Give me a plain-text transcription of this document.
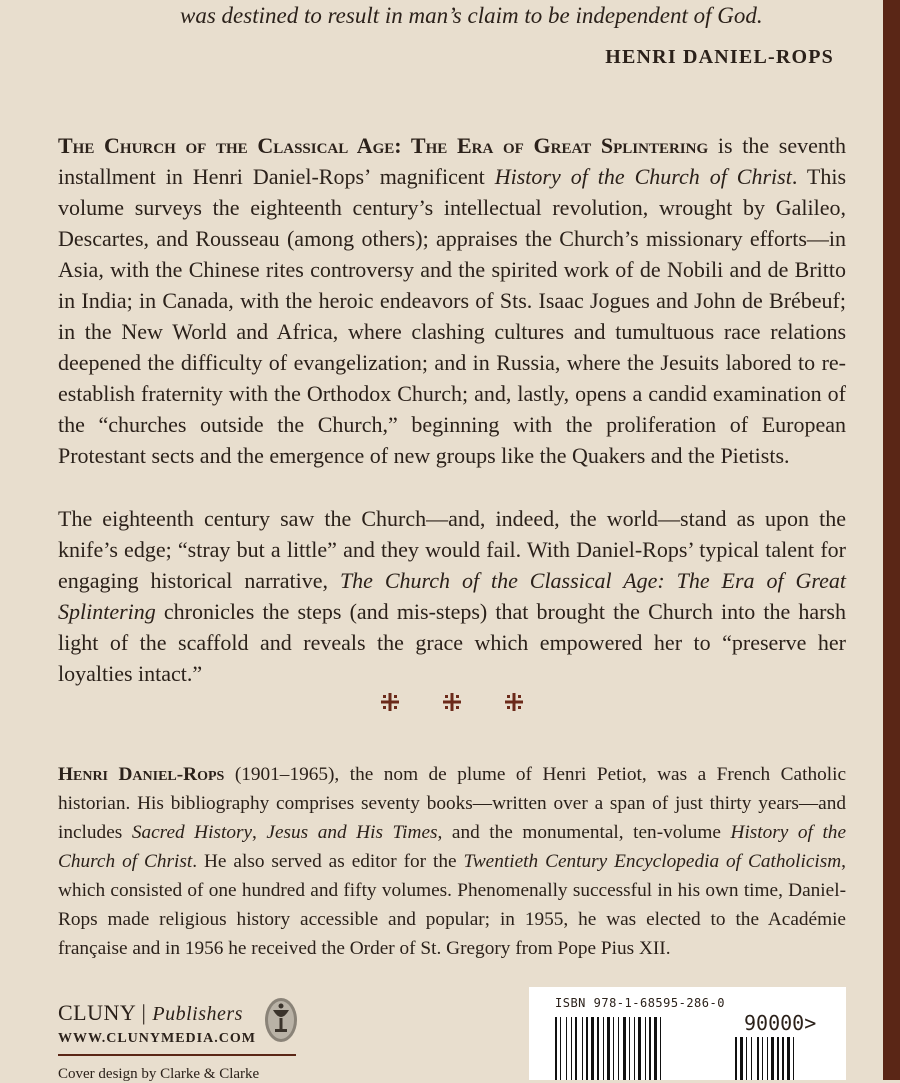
was destined to result in man’s claim to be independent of God.
HENRI DANIEL-ROPS

The Church of the Classical Age: The Era of Great Splintering is the seventh installment in Henri Daniel-Rops’ magnificent History of the Church of Christ. This volume surveys the eighteenth century’s intellectual revolution, wrought by Galileo, Descartes, and Rousseau (among others); appraises the Church’s missionary efforts—in Asia, with the Chinese rites controversy and the spirited work of de Nobili and de Britto in India; in Canada, with the heroic endeavors of Sts. Isaac Jogues and John de Brébeuf; in the New World and Africa, where clashing cultures and tumultuous race relations deepened the difficulty of evangelization; and in Russia, where the Jesuits labored to re-establish fraternity with the Orthodox Church; and, lastly, opens a candid examination of the “churches outside the Church,” beginning with the proliferation of European Protestant sects and the emergence of new groups like the Quakers and the Pietists.

The eighteenth century saw the Church—and, indeed, the world—stand as upon the knife’s edge; “stray but a little” and they would fail. With Daniel-Rops’ typical talent for engaging historical narrative, The Church of the Classical Age: The Era of Great Splintering chronicles the steps (and mis-steps) that brought the Church into the harsh light of the scaffold and reveals the grace which empowered her to “preserve her loyalties intact.”

Henri Daniel-Rops (1901–1965), the nom de plume of Henri Petiot, was a French Catholic historian. His bibliography comprises seventy books—written over a span of just thirty years—and includes Sacred History, Jesus and His Times, and the monumental, ten-volume History of the Church of Christ. He also served as editor for the Twentieth Century Encyclopedia of Catholicism, which consisted of one hundred and fifty volumes. Phenomenally successful in his own time, Daniel-Rops made religious history accessible and popular; in 1955, he was elected to the Académie française and in 1956 he received the Order of St. Gregory from Pope Pius XII.

CLUNY | Publishers
WWW.CLUNYMEDIA.COM
Cover design by Clarke & Clarke
ISBN 978-1-68595-286-0
90000>
